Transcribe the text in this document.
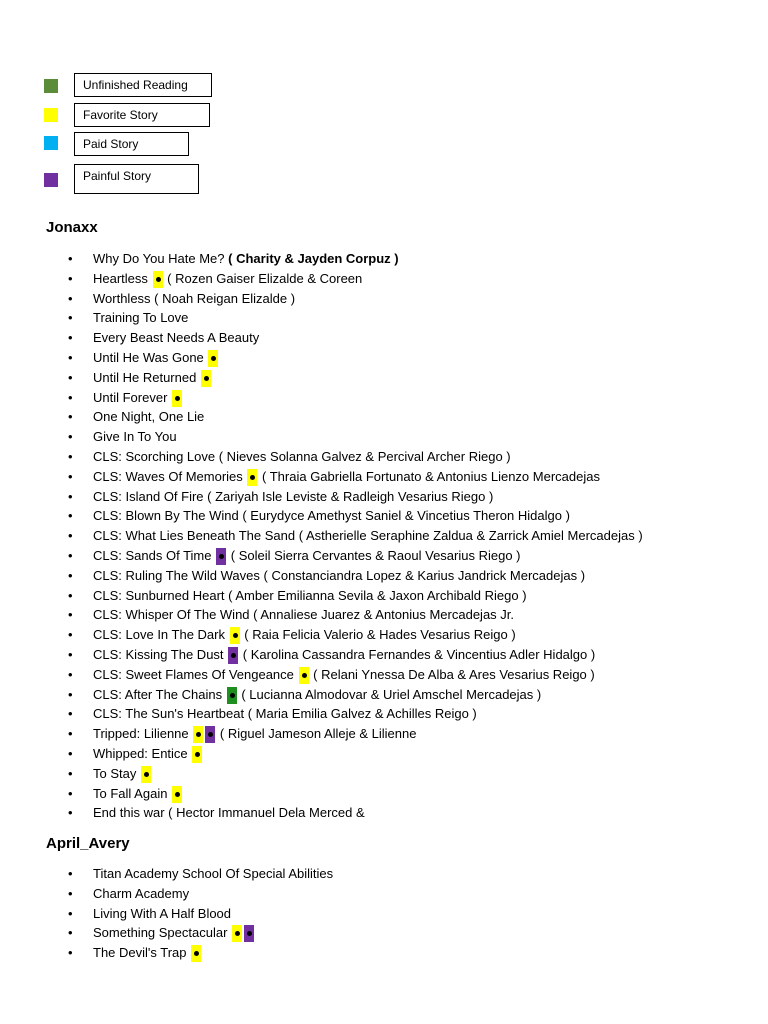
Unfinished Reading
Favorite Story
Paid Story
Painful Story
Jonaxx
• Why Do You Hate Me? ( Charity & Jayden Corpuz )
• Heartless ( Rozen Gaiser Elizalde & Coreen
• Worthless ( Noah Reigan Elizalde )
• Training To Love
• Every Beast Needs A Beauty
• Until He Was Gone
• Until He Returned
• Until Forever
• One Night, One Lie
• Give In To You
• CLS: Scorching Love ( Nieves Solanna Galvez & Percival Archer Riego )
• CLS: Waves Of Memories ( Thraia Gabriella Fortunato & Antonius Lienzo Mercadejas
• CLS: Island Of Fire ( Zariyah Isle Leviste & Radleigh Vesarius Riego )
• CLS: Blown By The Wind ( Eurydyce Amethyst Saniel & Vincetius Theron Hidalgo )
• CLS: What Lies Beneath The Sand ( Astherielle Seraphine Zaldua & Zarrick Amiel Mercadejas )
• CLS: Sands Of Time ( Soleil Sierra Cervantes & Raoul Vesarius Riego )
• CLS: Ruling The Wild Waves ( Constanciandra Lopez & Karius Jandrick Mercadejas )
• CLS: Sunburned Heart ( Amber Emilianna Sevila & Jaxon Archibald Riego )
• CLS: Whisper Of The Wind ( Annaliese Juarez & Antonius Mercadejas Jr.
• CLS: Love In The Dark ( Raia Felicia Valerio & Hades Vesarius Reigo )
• CLS: Kissing The Dust ( Karolina Cassandra Fernandes & Vincentius Adler Hidalgo )
• CLS: Sweet Flames Of Vengeance ( Relani Ynessa De Alba & Ares Vesarius Reigo )
• CLS: After The Chains ( Lucianna Almodovar & Uriel Amschel Mercadejas )
• CLS: The Sun's Heartbeat ( Maria Emilia Galvez & Achilles Reigo )
• Tripped: Lilienne ( Riguel Jameson Alleje & Lilienne
• Whipped: Entice
• To Stay
• To Fall Again
• End this war ( Hector Immanuel Dela Merced &
April_Avery
• Titan Academy School Of Special Abilities
• Charm Academy
• Living With A Half Blood
• Something Spectacular
• The Devil's Trap
